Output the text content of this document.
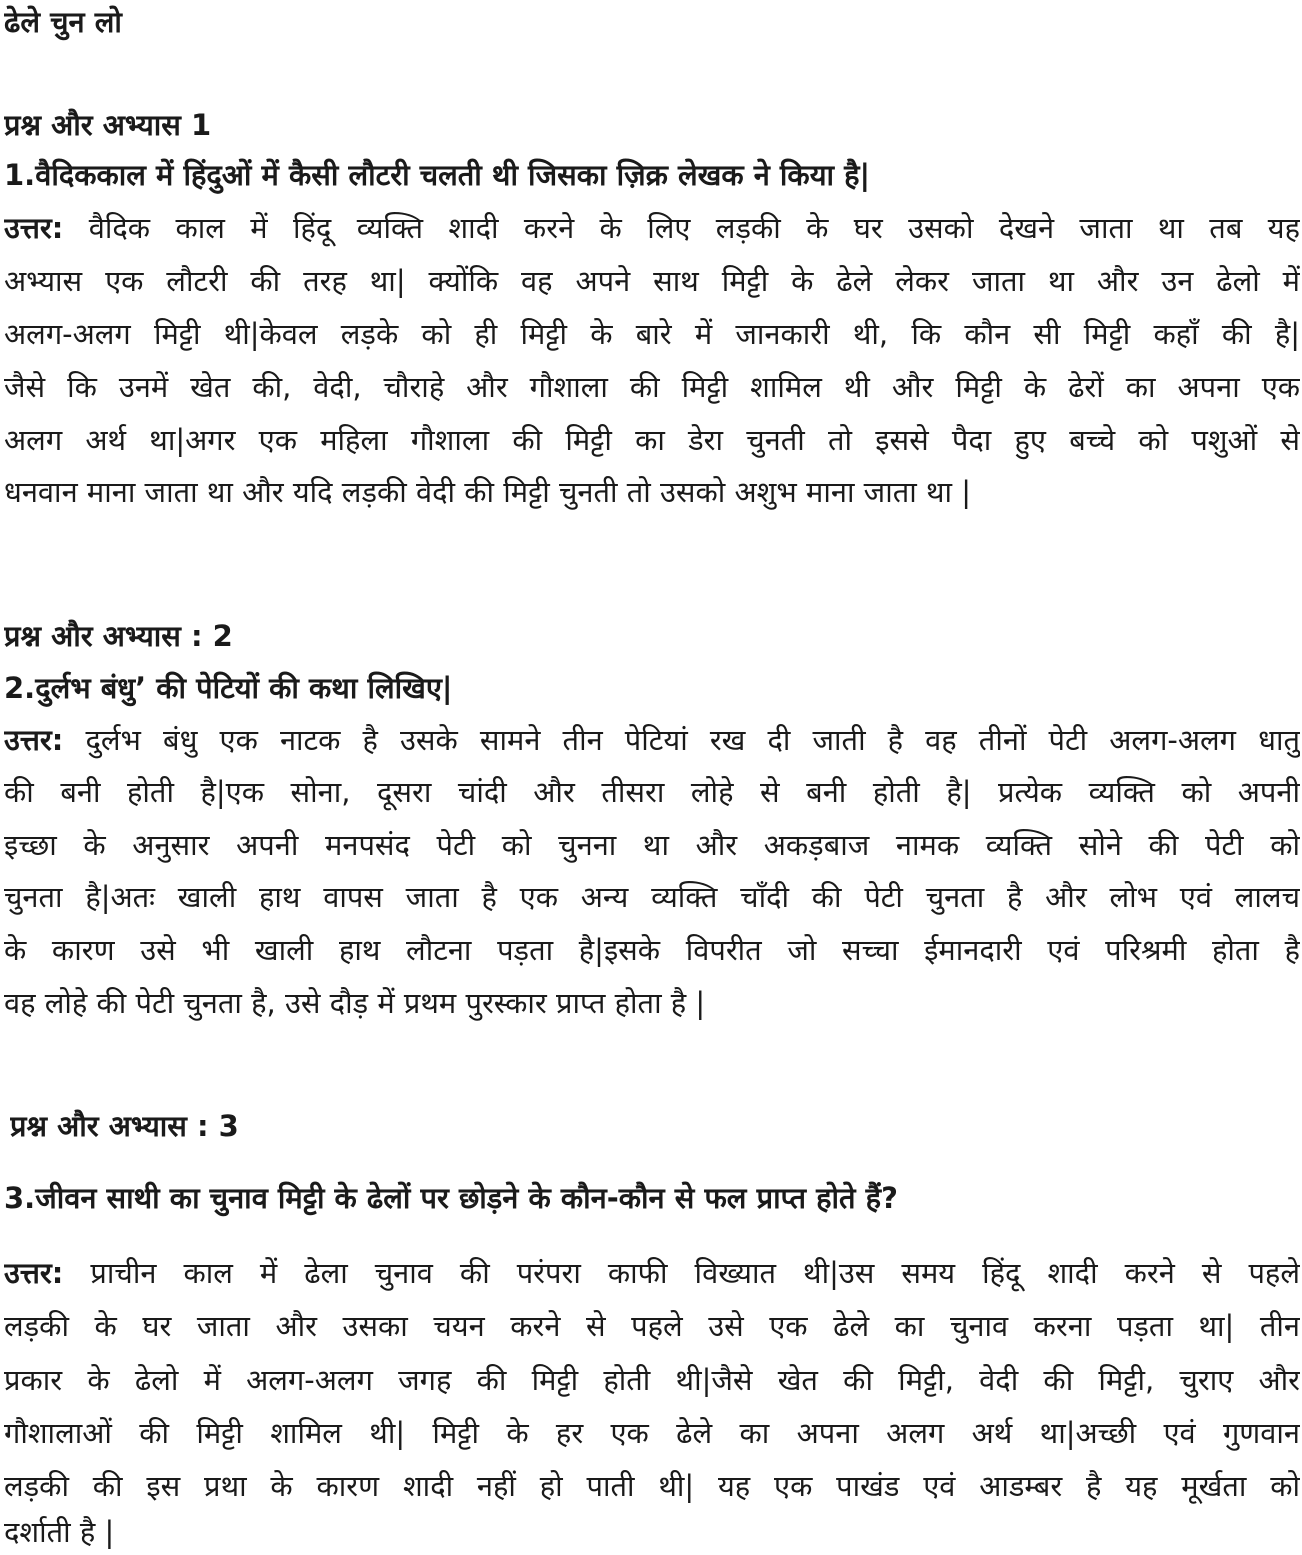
ढेले चुन लो

प्रश्न और अभ्यास 1

1.वैदिककाल में हिंदुओं में कैसी लौटरी चलती थी जिसका ज़िक्र लेखक ने किया है|

उत्तर: वैदिक काल में हिंदू व्यक्ति शादी करने के लिए लड़की के घर उसको देखने जाता था तब यह

अभ्यास एक लौटरी की तरह था| क्योंकि वह अपने साथ मिट्टी के ढेले लेकर जाता था और उन ढेलो में

अलग-अलग मिट्टी थी|केवल लड़के को ही मिट्टी के बारे में जानकारी थी, कि कौन सी मिट्टी कहाँ की है|

जैसे कि उनमें खेत की, वेदी, चौराहे और गौशाला की मिट्टी शामिल थी और मिट्टी के ढेरों का अपना एक

अलग अर्थ था|अगर एक महिला गौशाला की मिट्टी का डेरा चुनती तो इससे पैदा हुए बच्चे को पशुओं से

धनवान माना जाता था और यदि लड़की वेदी की मिट्टी चुनती तो उसको अशुभ माना जाता था |

प्रश्न और अभ्यास : 2

2.दुर्लभ बंधु’ की पेटियों की कथा लिखिए|

उत्तर: दुर्लभ बंधु एक नाटक है उसके सामने तीन पेटियां रख दी जाती है वह तीनों पेटी अलग-अलग धातु

की बनी होती है|एक सोना, दूसरा चांदी और तीसरा लोहे से बनी होती है| प्रत्येक व्यक्ति को अपनी

इच्छा के अनुसार अपनी मनपसंद पेटी को चुनना था और अकड़बाज नामक व्यक्ति सोने की पेटी को

चुनता है|अतः खाली हाथ वापस जाता है एक अन्य व्यक्ति चाँदी की पेटी चुनता है और लोभ एवं लालच

के कारण उसे भी खाली हाथ लौटना पड़ता है|इसके विपरीत जो सच्चा ईमानदारी एवं परिश्रमी होता है

वह लोहे की पेटी चुनता है, उसे दौड़ में प्रथम पुरस्कार प्राप्त होता है |

प्रश्न और अभ्यास : 3

3.जीवन साथी का चुनाव मिट्टी के ढेलों पर छोड़ने के कौन-कौन से फल प्राप्त होते हैं?

उत्तर: प्राचीन काल में ढेला चुनाव की परंपरा काफी विख्यात थी|उस समय हिंदू शादी करने से पहले

लड़की के घर जाता और उसका चयन करने से पहले उसे एक ढेले का चुनाव करना पड़ता था| तीन

प्रकार के ढेलो में अलग-अलग जगह की मिट्टी होती थी|जैसे खेत की मिट्टी, वेदी की मिट्टी, चुराए और

गौशालाओं की मिट्टी शामिल थी| मिट्टी के हर एक ढेले का अपना अलग अर्थ था|अच्छी एवं गुणवान

लड़की की इस प्रथा के कारण शादी नहीं हो पाती थी| यह एक पाखंड एवं आडम्बर है यह मूर्खता को

दर्शाती है |
